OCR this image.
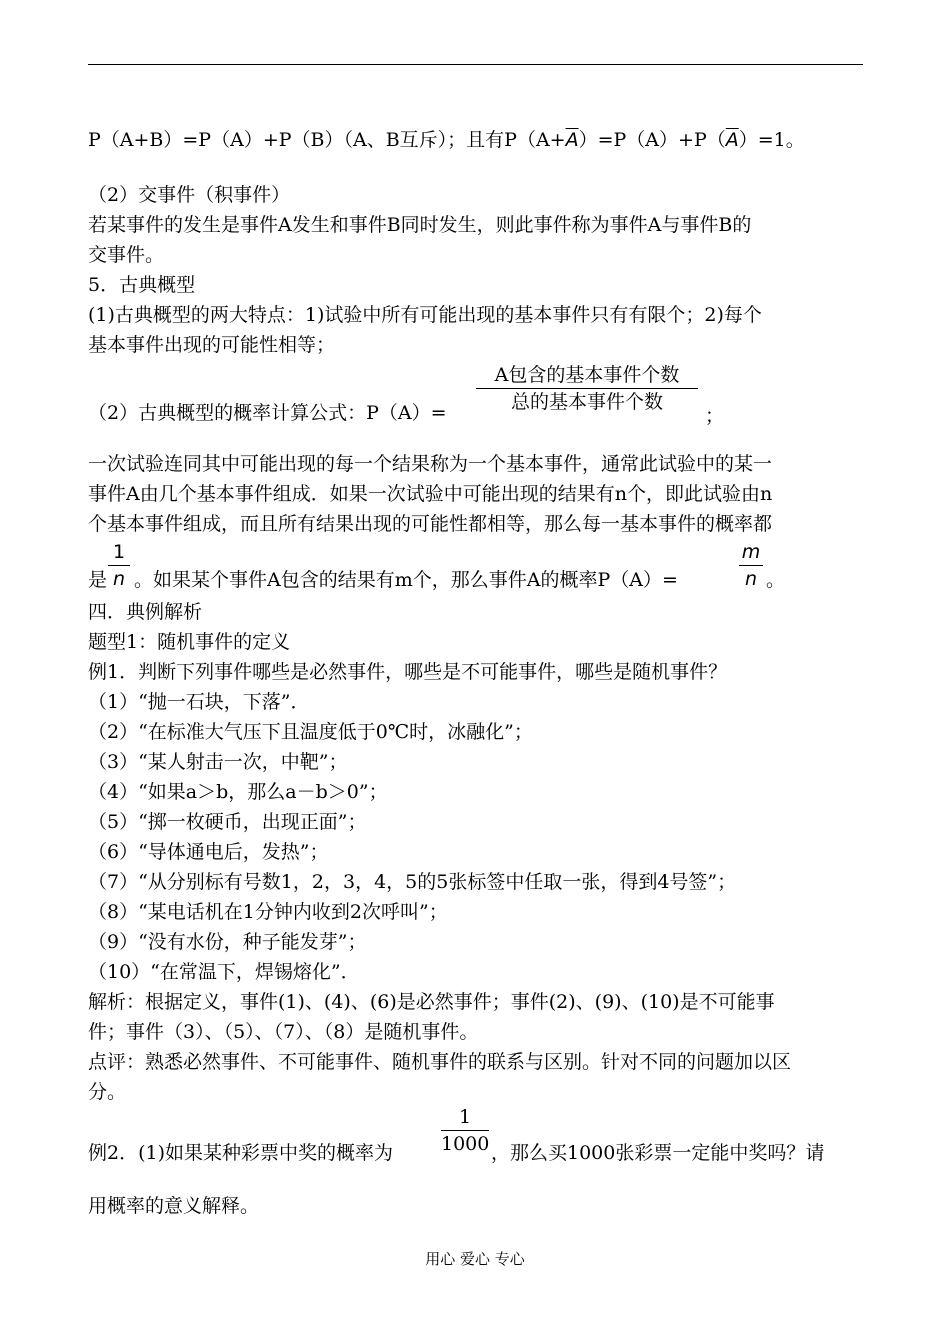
P（A+B）=P（A）+P（B）（A、B互斥）；且有$P(A+\overline{A})=P(A)+P(\overline{A})=1$。
（2）交事件（积事件）
若某事件的发生是事件A发生和事件B同时发生，则此事件称为事件A与事件B的
交事件。
5．古典概型
(1)古典概型的两大特点：1)试验中所有可能出现的基本事件只有有限个；2)每个
基本事件出现的可能性相等；
（2）古典概型的概率计算公式：P（A）=
A包含的基本事件个数
总的基本事件个数
；
一次试验连同其中可能出现的每一个结果称为一个基本事件，通常此试验中的某一
事件A由几个基本事件组成．如果一次试验中可能出现的结果有n个，即此试验由n
个基本事件组成，而且所有结果出现的可能性都相等，那么每一基本事件的概率都
是
1
n 。如果某个事件A包含的结果有m个，那么事件A的概率P（A）=
m
n 。
四．典例解析
题型1：随机事件的定义
例1．判断下列事件哪些是必然事件，哪些是不可能事件，哪些是随机事件？
（1）“抛一石块，下落”．
（2）“在标准大气压下且温度低于0℃时，冰融化”；
（3）“某人射击一次，中靶”；
（4）“如果a＞b，那么a－b＞0”；
（5）“掷一枚硬币，出现正面”；
（6）“导体通电后，发热”；
（7）“从分别标有号数1，2，3，4，5的5张标签中任取一张，得到4号签”；
（8）“某电话机在1分钟内收到2次呼叫”；
（9）“没有水份，种子能发芽”；
（10）“在常温下，焊锡熔化”．
解析：根据定义，事件(1)、(4)、(6)是必然事件；事件(2)、(9)、(10)是不可能事
件；事件（3）、（5）、（7）、（8）是随机事件。
点评：熟悉必然事件、不可能事件、随机事件的联系与区别。针对不同的问题加以区
分。
例2．(1)如果某种彩票中奖的概率为
1
1000 ，那么买1000张彩票一定能中奖吗？请
用概率的意义解释。
用心 爱心 专心
